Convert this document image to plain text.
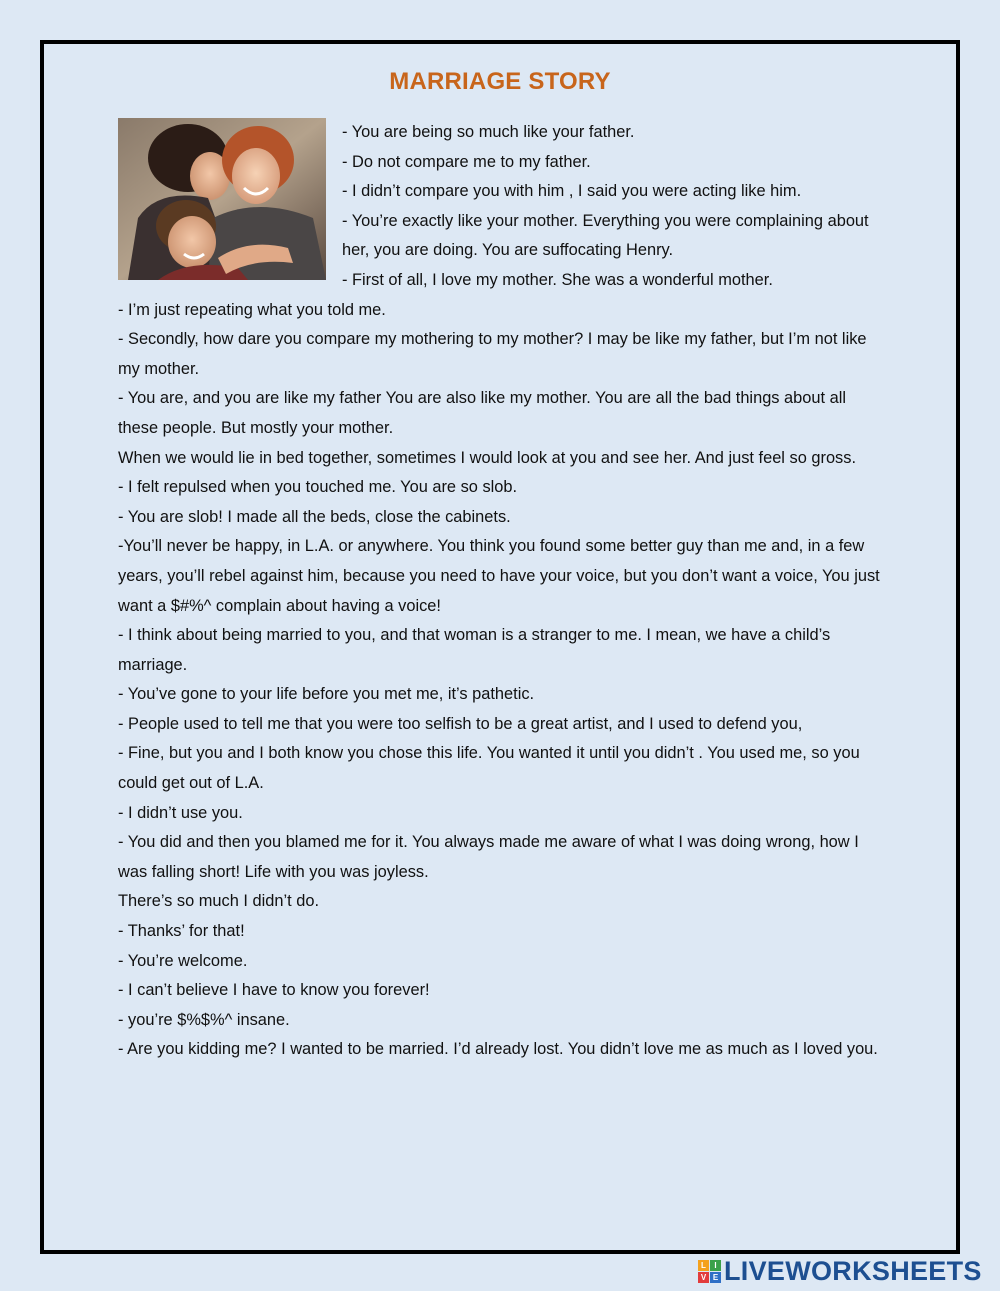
MARRIAGE STORY

- You are being so much like your father.

- Do not compare me to my father.

- I didn’t compare you with him , I said you were acting like him.

- You’re exactly like your mother. Everything you were complaining about her, you are doing. You are suffocating Henry.

- First of all, I love my mother. She was a wonderful mother.

- I’m just repeating what you told me.

- Secondly, how dare you compare my mothering to my mother? I may be like my father, but I’m not like my mother.

- You are, and you are like my father You are also like my mother. You are all the bad things about all these people. But mostly your mother.

When we would lie in bed together, sometimes I would look at you and see her. And just feel so gross.

- I felt repulsed when you touched me. You are so slob.

- You are slob! I made all the beds, close the cabinets.

-You’ll never be happy, in L.A. or anywhere. You think you found some better guy than me and, in a few years, you’ll rebel against him, because you need to have your voice, but you don’t want a voice, You just want a $#%^ complain about having a voice!

- I think about being married to you, and that woman is a stranger to me. I mean, we have a child’s marriage.

- You’ve gone to your life before you met me, it’s pathetic.

- People used to tell me that you were too selfish to be a great artist, and I used to defend you,

- Fine, but you and I both know you chose this life. You wanted it until you didn’t . You used me, so you could get out of L.A.

- I didn’t use you.

- You did and then you blamed me for it. You always made me aware of what I was doing wrong, how I was falling short! Life with you was joyless.

There’s so much I didn’t do.

- Thanks’ for that!

- You’re welcome.

- I can’t believe I have to know you forever!

- you’re $%$%^ insane.

- Are you kidding me? I wanted to be married. I’d already lost. You didn’t love me as much as I loved you.

L	I
V E LIVEWORKSHEETS
